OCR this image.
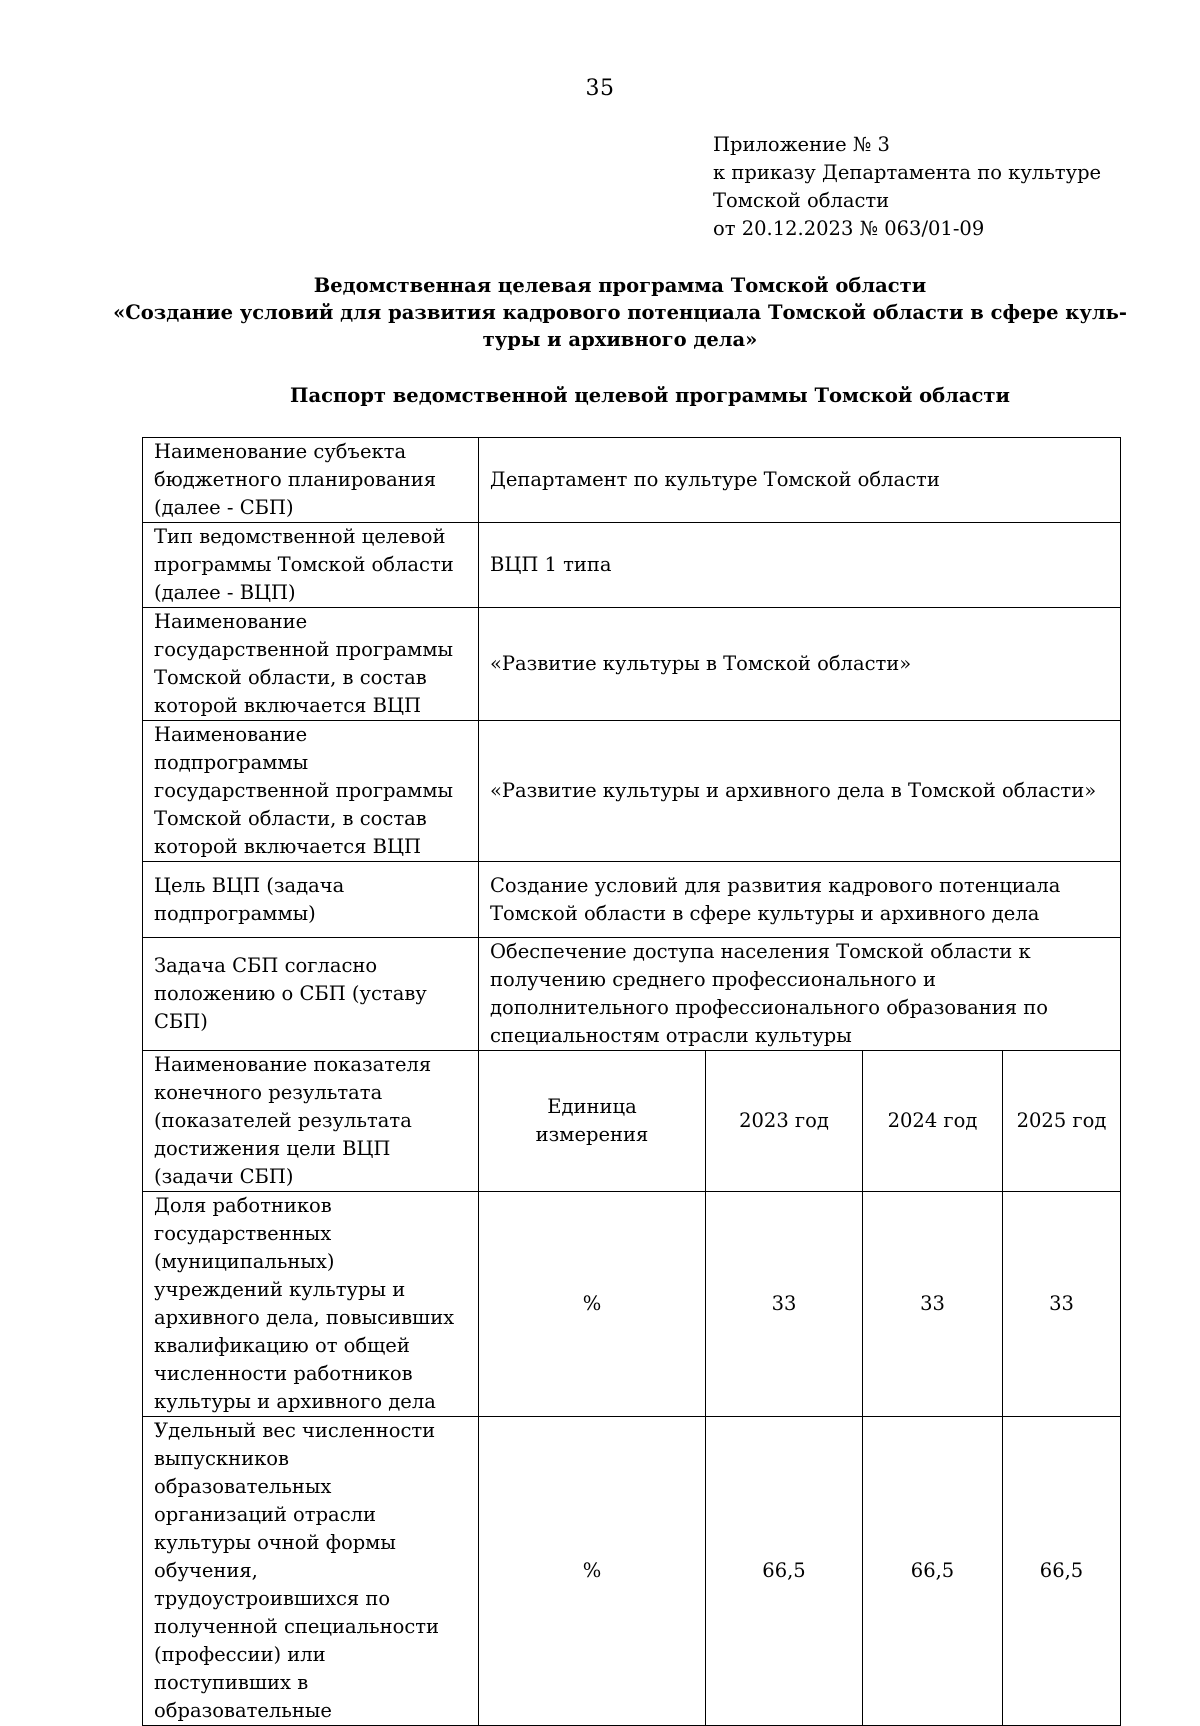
35
Приложение № 3
к приказу Департамента по культуре
Томской области
от 20.12.2023 № 063/01-09
Ведомственная целевая программа Томской области
«Создание условий для развития кадрового потенциала Томской области в сфере куль-
туры и архивного дела»
Паспорт ведомственной целевой программы Томской области
Наименование субъекта бюджетного планирования (далее - СБП)	Департамент по культуре Томской области			
Тип ведомственной целевой программы Томской области (далее - ВЦП)	ВЦП 1 типа			
Наименование государственной программы Томской области, в состав которой включается ВЦП	«Развитие культуры в Томской области»			
Наименование подпрограммы государственной программы Томской области, в состав которой включается ВЦП	«Развитие культуры и архивного дела в Томской области»			
Цель ВЦП (задача подпрограммы)	Создание условий для развития кадрового потенциала Томской области в сфере культуры и архивного дела			
Задача СБП согласно положению о СБП (уставу СБП)	Обеспечение доступа населения Томской области к получению среднего профессионального и дополнительного профессионального образования по специальностям отрасли культуры			
Наименование показателя конечного результата (показателей результата достижения цели ВЦП (задачи СБП)	Единица измерения	2023 год	2024 год	2025 год
Доля работников государственных (муниципальных) учреждений культуры и архивного дела, повысивших квалификацию от общей численности работников культуры и архивного дела	%	33	33	33
Удельный вес численности выпускников образовательных организаций отрасли культуры очной формы обучения, трудоустроившихся по полученной специальности (профессии) или поступивших в образовательные	%	66,5	66,5	66,5
